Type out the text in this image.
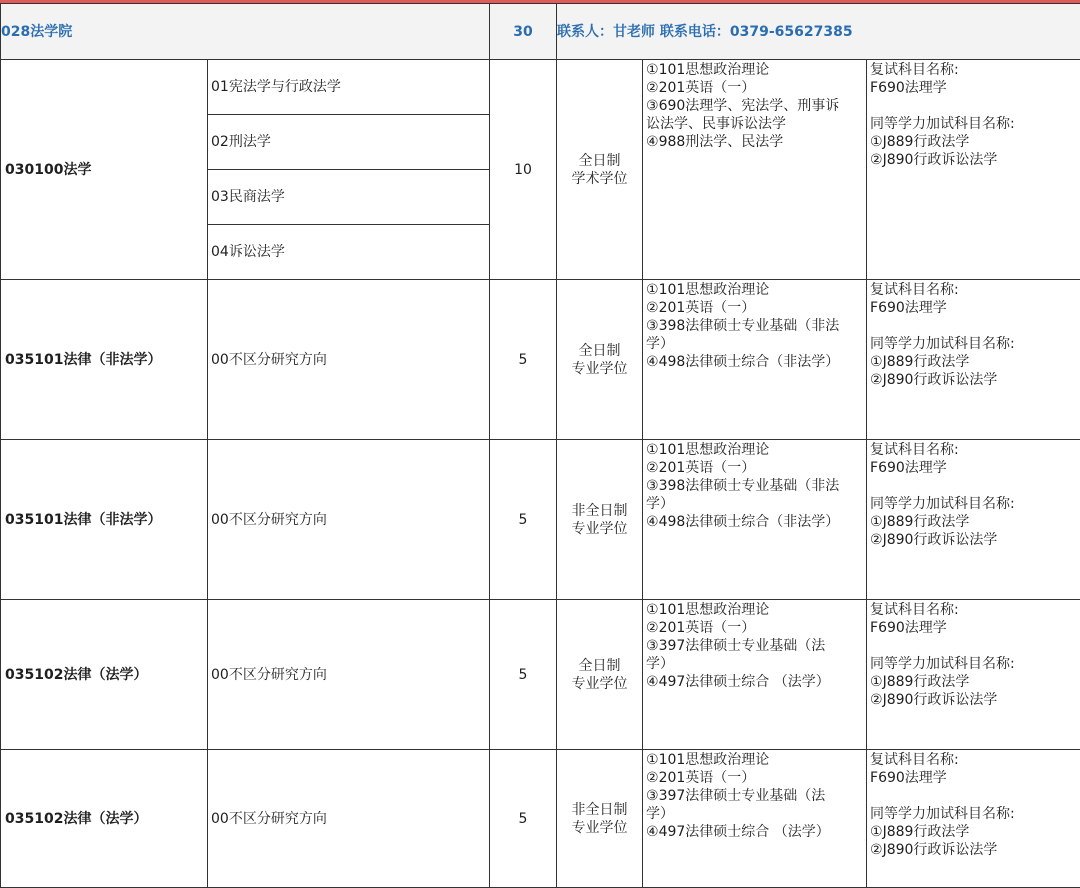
028法学院		30	联系人：甘老师 联系电话：0379-65627385		
030100法学	01宪法学与行政法学	10	全日制
学术学位	①101思想政治理论
②201英语（一）
③690法理学、宪法学、刑事诉
讼法学、民事诉讼法学
④988刑法学、民法学	复试科目名称:
F690法理学
同等学力加试科目名称:
①J889行政法学
②J890行政诉讼法学

	02刑法学				
	03民商法学				
	04诉讼法学				
035101法律（非法学）	00不区分研究方向	5	全日制
专业学位	①101思想政治理论
②201英语（一）
③398法律硕士专业基础（非法
学）
④498法律硕士综合（非法学）	复试科目名称:
F690法理学
同等学力加试科目名称:
①J889行政法学
②J890行政诉讼法学

035101法律（非法学）	00不区分研究方向	5	非全日制
专业学位	①101思想政治理论
②201英语（一）
③398法律硕士专业基础（非法
学）
④498法律硕士综合（非法学）	复试科目名称:
F690法理学
同等学力加试科目名称:
①J889行政法学
②J890行政诉讼法学

035102法律（法学）	00不区分研究方向	5	全日制
专业学位	①101思想政治理论
②201英语（一）
③397法律硕士专业基础（法
学）
④497法律硕士综合 （法学）	复试科目名称:
F690法理学
同等学力加试科目名称:
①J889行政法学
②J890行政诉讼法学

035102法律（法学）	00不区分研究方向	5	非全日制
专业学位	①101思想政治理论
②201英语（一）
③397法律硕士专业基础（法
学）
④497法律硕士综合 （法学）	复试科目名称:
F690法理学
同等学力加试科目名称:
①J889行政法学
②J890行政诉讼法学
